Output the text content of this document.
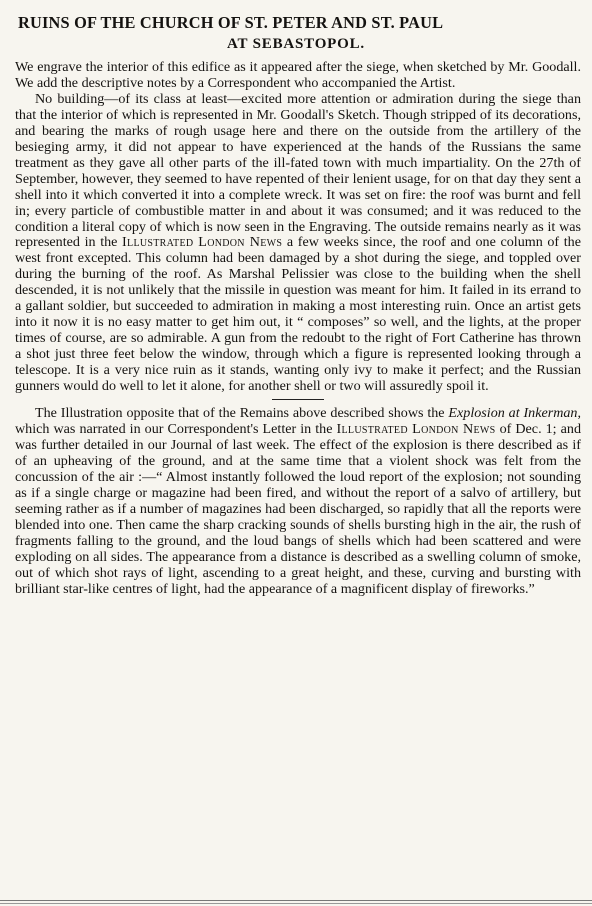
RUINS OF THE CHURCH OF ST. PETER AND ST. PAUL
AT SEBASTOPOL.

We engrave the interior of this edifice as it appeared after the siege, when sketched by Mr. Goodall. We add the descriptive notes by a Correspondent who accompanied the Artist.

No building—of its class at least—excited more attention or admiration during the siege than that the interior of which is represented in Mr. Goodall's Sketch. Though stripped of its decorations, and bearing the marks of rough usage here and there on the outside from the artillery of the besieging army, it did not appear to have experienced at the hands of the Russians the same treatment as they gave all other parts of the ill-fated town with much impartiality. On the 27th of September, however, they seemed to have repented of their lenient usage, for on that day they sent a shell into it which converted it into a complete wreck. It was set on fire: the roof was burnt and fell in; every particle of combustible matter in and about it was consumed; and it was reduced to the condition a literal copy of which is now seen in the Engraving. The outside remains nearly as it was represented in the Illustrated London News a few weeks since, the roof and one column of the west front excepted. This column had been damaged by a shot during the siege, and toppled over during the burning of the roof. As Marshal Pelissier was close to the building when the shell descended, it is not unlikely that the missile in question was meant for him. It failed in its errand to a gallant soldier, but succeeded to admiration in making a most interesting ruin. Once an artist gets into it now it is no easy matter to get him out, it “ composes” so well, and the lights, at the proper times of course, are so admirable. A gun from the redoubt to the right of Fort Catherine has thrown a shot just three feet below the window, through which a figure is represented looking through a telescope. It is a very nice ruin as it stands, wanting only ivy to make it perfect; and the Russian gunners would do well to let it alone, for another shell or two will assuredly spoil it.

The Illustration opposite that of the Remains above described shows the Explosion at Inkerman, which was narrated in our Correspondent's Letter in the Illustrated London News of Dec. 1; and was further detailed in our Journal of last week. The effect of the explosion is there described as if of an upheaving of the ground, and at the same time that a violent shock was felt from the concussion of the air :—“ Almost instantly followed the loud report of the explosion; not sounding as if a single charge or magazine had been fired, and without the report of a salvo of artillery, but seeming rather as if a number of magazines had been discharged, so rapidly that all the reports were blended into one. Then came the sharp cracking sounds of shells bursting high in the air, the rush of fragments falling to the ground, and the loud bangs of shells which had been scattered and were exploding on all sides. The appearance from a distance is described as a swelling column of smoke, out of which shot rays of light, ascending to a great height, and these, curving and bursting with brilliant star-like centres of light, had the appearance of a magnificent display of fireworks.”
